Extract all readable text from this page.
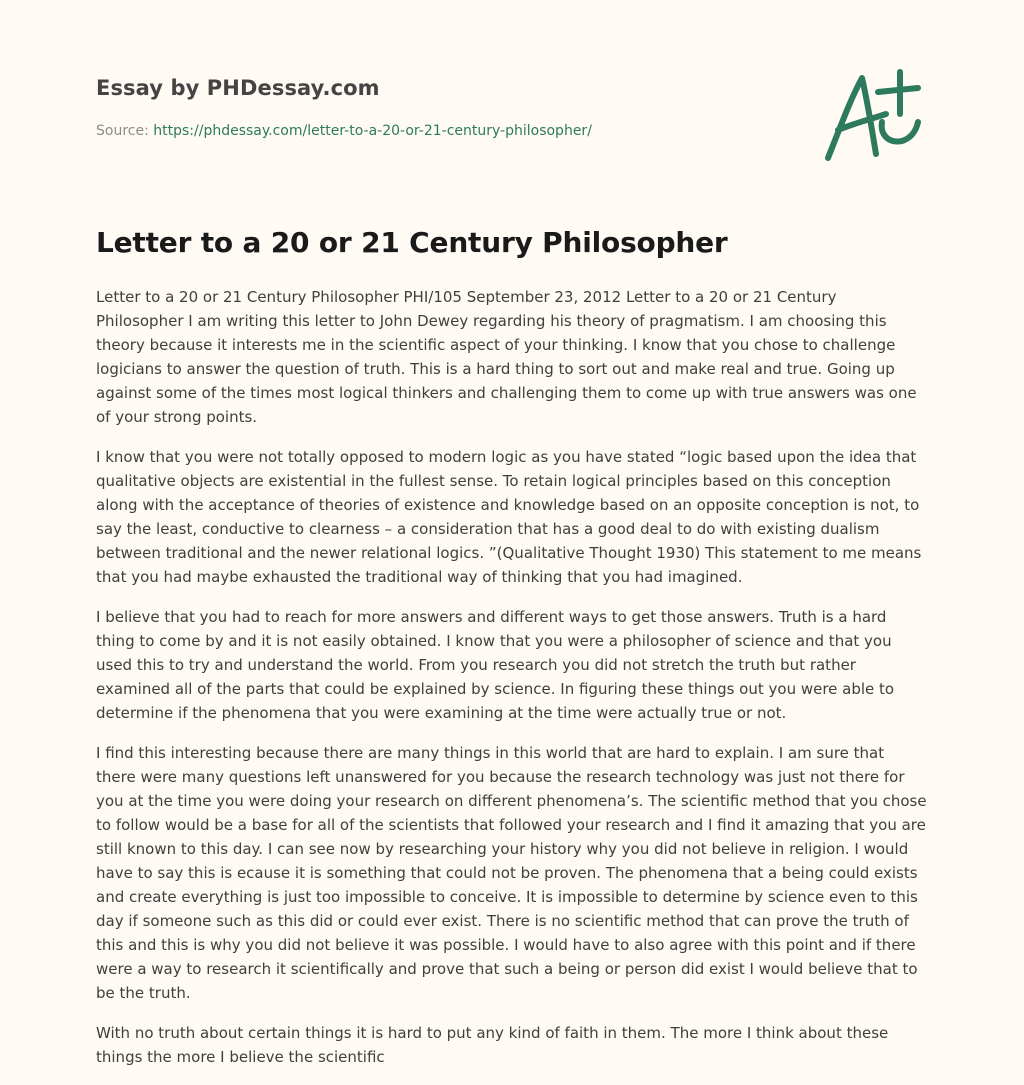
Essay by PHDessay.com
Source: https://phdessay.com/letter-to-a-20-or-21-century-philosopher/
Letter to a 20 or 21 Century Philosopher

Letter to a 20 or 21 Century Philosopher PHI/105 September 23, 2012 Letter to a 20 or 21 Century Philosopher I am writing this letter to John Dewey regarding his theory of pragmatism. I am choosing this theory because it interests me in the scientific aspect of your thinking. I know that you chose to challenge logicians to answer the question of truth. This is a hard thing to sort out and make real and true. Going up against some of the times most logical thinkers and challenging them to come up with true answers was one of your strong points.

I know that you were not totally opposed to modern logic as you have stated “logic based upon the idea that qualitative objects are existential in the fullest sense. To retain logical principles based on this conception along with the acceptance of theories of existence and knowledge based on an opposite conception is not, to say the least, conductive to clearness – a consideration that has a good deal to do with existing dualism between traditional and the newer relational logics. ”(Qualitative Thought 1930) This statement to me means that you had maybe exhausted the traditional way of thinking that you had imagined.

I believe that you had to reach for more answers and different ways to get those answers. Truth is a hard thing to come by and it is not easily obtained. I know that you were a philosopher of science and that you used this to try and understand the world. From you research you did not stretch the truth but rather examined all of the parts that could be explained by science. In figuring these things out you were able to determine if the phenomena that you were examining at the time were actually true or not.

I find this interesting because there are many things in this world that are hard to explain. I am sure that there were many questions left unanswered for you because the research technology was just not there for you at the time you were doing your research on different phenomena’s. The scientific method that you chose to follow would be a base for all of the scientists that followed your research and I find it amazing that you are still known to this day. I can see now by researching your history why you did not believe in religion. I would have to say this is ecause it is something that could not be proven. The phenomena that a being could exists and create everything is just too impossible to conceive. It is impossible to determine by science even to this day if someone such as this did or could ever exist. There is no scientific method that can prove the truth of this and this is why you did not believe it was possible. I would have to also agree with this point and if there were a way to research it scientifically and prove that such a being or person did exist I would believe that to be the truth.

With no truth about certain things it is hard to put any kind of faith in them. The more I think about these things the more I believe the scientific
